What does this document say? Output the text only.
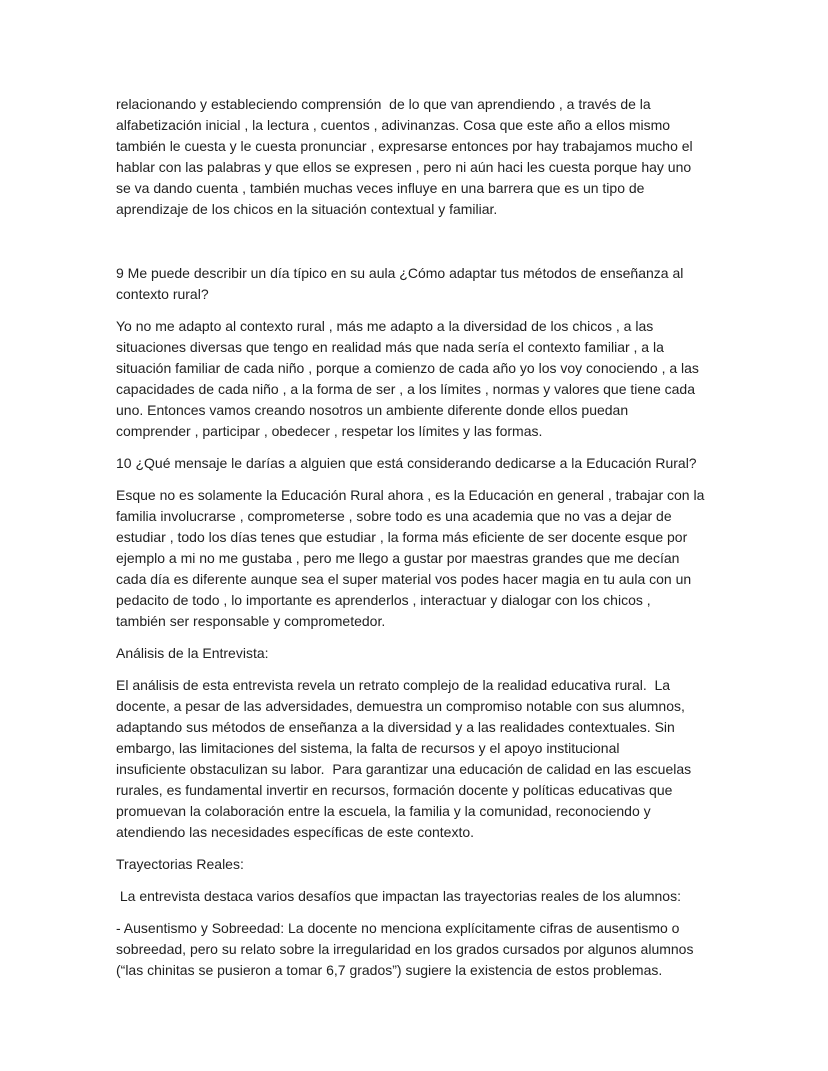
relacionando y estableciendo comprensión  de lo que van aprendiendo , a través de la
alfabetización inicial , la lectura , cuentos , adivinanzas. Cosa que este año a ellos mismo
también le cuesta y le cuesta pronunciar , expresarse entonces por hay trabajamos mucho el
hablar con las palabras y que ellos se expresen , pero ni aún haci les cuesta porque hay uno
se va dando cuenta , también muchas veces influye en una barrera que es un tipo de
aprendizaje de los chicos en la situación contextual y familiar.
9 Me puede describir un día típico en su aula ¿Cómo adaptar tus métodos de enseñanza al
contexto rural?
Yo no me adapto al contexto rural , más me adapto a la diversidad de los chicos , a las
situaciones diversas que tengo en realidad más que nada sería el contexto familiar , a la
situación familiar de cada niño , porque a comienzo de cada año yo los voy conociendo , a las
capacidades de cada niño , a la forma de ser , a los límites , normas y valores que tiene cada
uno. Entonces vamos creando nosotros un ambiente diferente donde ellos puedan
comprender , participar , obedecer , respetar los límites y las formas.
10 ¿Qué mensaje le darías a alguien que está considerando dedicarse a la Educación Rural?
Esque no es solamente la Educación Rural ahora , es la Educación en general , trabajar con la
familia involucrarse , comprometerse , sobre todo es una academia que no vas a dejar de
estudiar , todo los días tenes que estudiar , la forma más eficiente de ser docente esque por
ejemplo a mi no me gustaba , pero me llego a gustar por maestras grandes que me decían
cada día es diferente aunque sea el super material vos podes hacer magia en tu aula con un
pedacito de todo , lo importante es aprenderlos , interactuar y dialogar con los chicos ,
también ser responsable y comprometedor.
Análisis de la Entrevista:
El análisis de esta entrevista revela un retrato complejo de la realidad educativa rural.  La
docente, a pesar de las adversidades, demuestra un compromiso notable con sus alumnos,
adaptando sus métodos de enseñanza a la diversidad y a las realidades contextuales. Sin
embargo, las limitaciones del sistema, la falta de recursos y el apoyo institucional
insuficiente obstaculizan su labor.  Para garantizar una educación de calidad en las escuelas
rurales, es fundamental invertir en recursos, formación docente y políticas educativas que
promuevan la colaboración entre la escuela, la familia y la comunidad, reconociendo y
atendiendo las necesidades específicas de este contexto.
Trayectorias Reales:
La entrevista destaca varios desafíos que impactan las trayectorias reales de los alumnos:
- Ausentismo y Sobreedad: La docente no menciona explícitamente cifras de ausentismo o
sobreedad, pero su relato sobre la irregularidad en los grados cursados por algunos alumnos
(“las chinitas se pusieron a tomar 6,7 grados”) sugiere la existencia de estos problemas.
